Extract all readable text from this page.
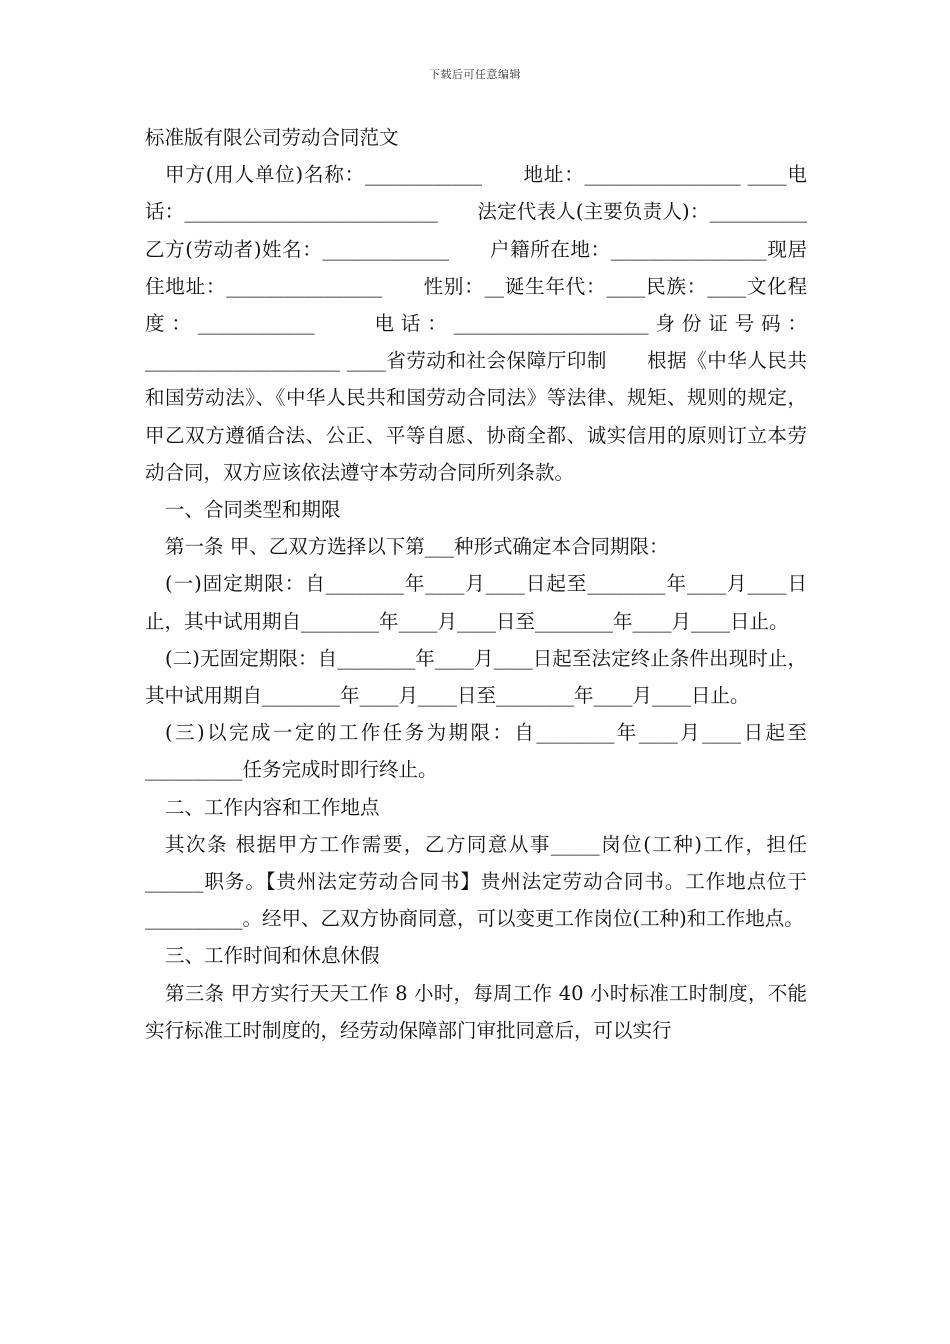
下载后可任意编辑
标准版有限公司劳动合同范文

甲方(用人单位)名称：____________　　地址：________________ ____电话：__________________________　　法定代表人(主要负责人)：__________　　乙方(劳动者)姓名：_____________　　户籍所在地：________________现居住地址：________________　　性别：__诞生年代：____民族：____文化程度：____________　　电话：____________________身份证号码：____________________ ____省劳动和社会保障厅印制　　根据《中华人民共和国劳动法》、《中华人民共和国劳动合同法》等法律、规矩、规则的规定，甲乙双方遵循合法、公正、平等自愿、协商全都、诚实信用的原则订立本劳动合同，双方应该依法遵守本劳动合同所列条款。

一、合同类型和期限

第一条 甲、乙双方选择以下第___种形式确定本合同期限：

(一)固定期限：自________年____月____日起至________年____月____日止，其中试用期自________年____月____日至________年____月____日止。

(二)无固定期限：自________年____月____日起至法定终止条件出现时止，其中试用期自________年____月____日至________年____月____日止。

(三)以完成一定的工作任务为期限：自________年____月____日起至__________任务完成时即行终止。

二、工作内容和工作地点

其次条 根据甲方工作需要，乙方同意从事_____岗位(工种)工作，担任______职务。【贵州法定劳动合同书】贵州法定劳动合同书。工作地点位于__________。经甲、乙双方协商同意，可以变更工作岗位(工种)和工作地点。

三、工作时间和休息休假

第三条 甲方实行天天工作 8 小时，每周工作 40 小时标准工时制度，不能实行标准工时制度的，经劳动保障部门审批同意后，可以实行
